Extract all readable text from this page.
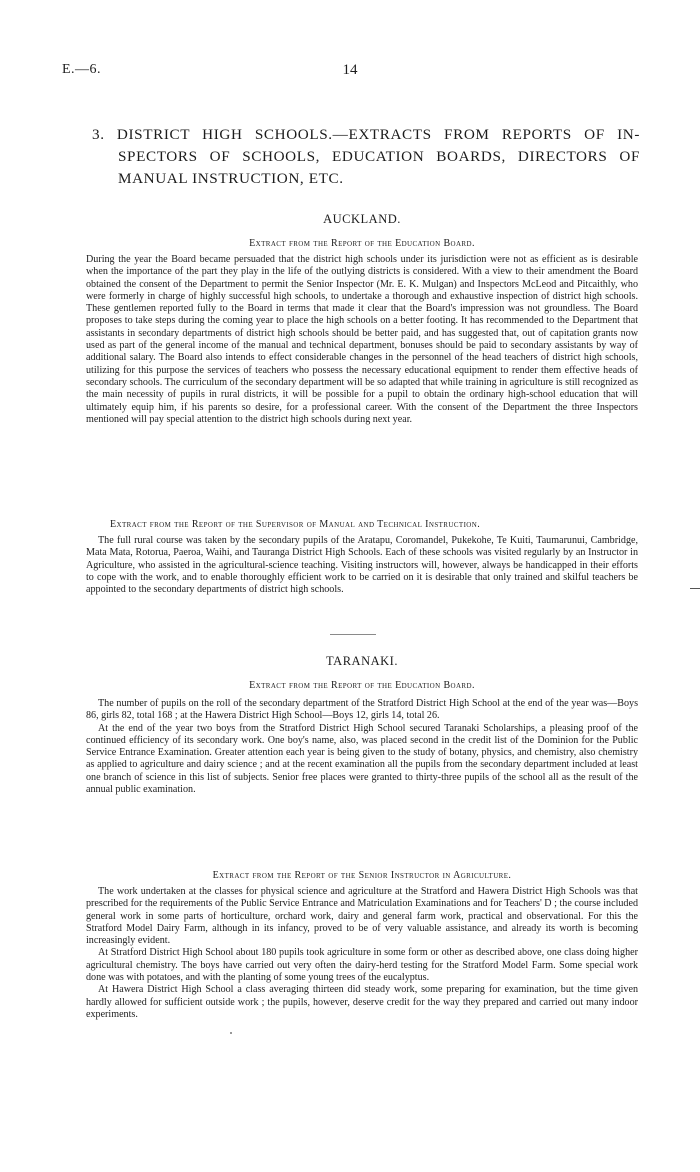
E.—6.	14
3. DISTRICT HIGH SCHOOLS.—EXTRACTS FROM REPORTS OF IN-
SPECTORS OF SCHOOLS, EDUCATION BOARDS, DIRECTORS OF
MANUAL INSTRUCTION, ETC.
AUCKLAND.
Extract from the Report of the Education Board.

During the year the Board became persuaded that the district high schools under its jurisdiction were not as efficient as is desirable when the importance of the part they play in the life of the outlying districts is considered. With a view to their amendment the Board obtained the consent of the Department to permit the Senior Inspector (Mr. E. K. Mulgan) and Inspectors McLeod and Pitcaithly, who were formerly in charge of highly successful high schools, to undertake a thorough and exhaustive inspection of district high schools. These gentlemen reported fully to the Board in terms that made it clear that the Board's impression was not groundless. The Board proposes to take steps during the coming year to place the high schools on a better footing. It has recommended to the Department that assistants in secondary departments of district high schools should be better paid, and has suggested that, out of capitation grants now used as part of the general income of the manual and technical department, bonuses should be paid to secondary assistants by way of additional salary. The Board also intends to effect considerable changes in the personnel of the head teachers of district high schools, utilizing for this purpose the services of teachers who possess the necessary educational equipment to render them effective heads of secondary schools. The curriculum of the secondary department will be so adapted that while training in agriculture is still recognized as the main necessity of pupils in rural districts, it will be possible for a pupil to obtain the ordinary high-school education that will ultimately equip him, if his parents so desire, for a professional career. With the consent of the Department the three Inspectors mentioned will pay special attention to the district high schools during next year.

Extract from the Report of the Supervisor of Manual and Technical Instruction.

The full rural course was taken by the secondary pupils of the Aratapu, Coromandel, Pukekohe, Te Kuiti, Taumarunui, Cambridge, Mata Mata, Rotorua, Paeroa, Waihi, and Tauranga District High Schools. Each of these schools was visited regularly by an Instructor in Agriculture, who assisted in the agricultural-science teaching. Visiting instructors will, however, always be handicapped in their efforts to cope with the work, and to enable thoroughly efficient work to be carried on it is desirable that only trained and skilful teachers be appointed to the secondary departments of district high schools.

TARANAKI.
Extract from the Report of the Education Board.

The number of pupils on the roll of the secondary department of the Stratford District High School at the end of the year was—Boys 86, girls 82, total 168 ; at the Hawera District High School—Boys 12, girls 14, total 26.

At the end of the year two boys from the Stratford District High School secured Taranaki Scholarships, a pleasing proof of the continued efficiency of its secondary work. One boy's name, also, was placed second in the credit list of the Dominion for the Public Service Entrance Examination. Greater attention each year is being given to the study of botany, physics, and chemistry, also chemistry as applied to agriculture and dairy science ; and at the recent examination all the pupils from the secondary department included at least one branch of science in this list of subjects. Senior free places were granted to thirty-three pupils of the school all as the result of the annual public examination.

Extract from the Report of the Senior Instructor in Agriculture.

The work undertaken at the classes for physical science and agriculture at the Stratford and Hawera District High Schools was that prescribed for the requirements of the Public Service Entrance and Matriculation Examinations and for Teachers' D ; the course included general work in some parts of horticulture, orchard work, dairy and general farm work, practical and observational. For this the Stratford Model Dairy Farm, although in its infancy, proved to be of very valuable assistance, and already its worth is becoming increasingly evident.

At Stratford District High School about 180 pupils took agriculture in some form or other as described above, one class doing higher agricultural chemistry. The boys have carried out very often the dairy-herd testing for the Stratford Model Farm. Some special work done was with potatoes, and with the planting of some young trees of the eucalyptus.

At Hawera District High School a class averaging thirteen did steady work, some preparing for examination, but the time given hardly allowed for sufficient outside work ; the pupils, however, deserve credit for the way they prepared and carried out many indoor experiments.
